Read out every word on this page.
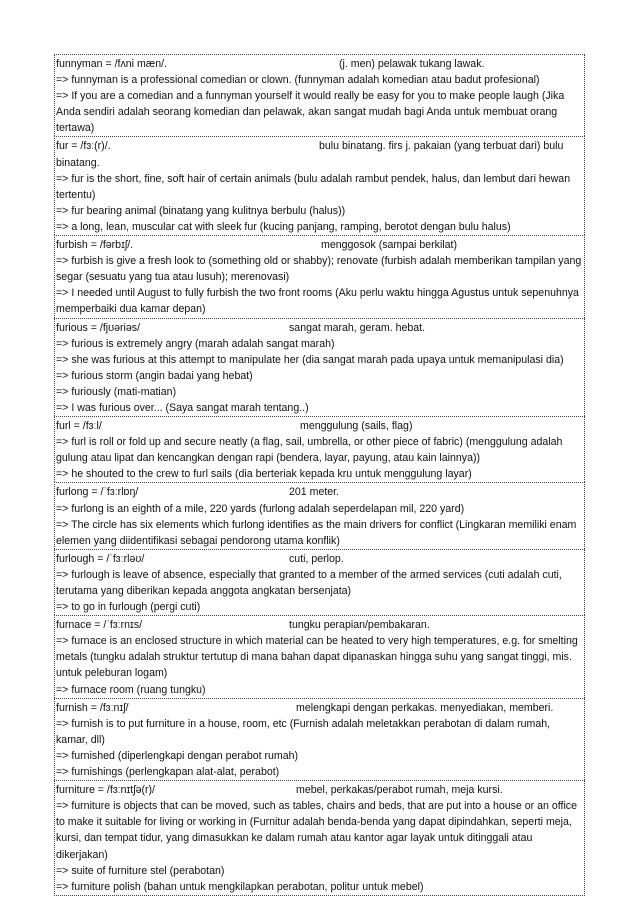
funnyman = /fʌni mæn/.	(j. men) pelawak tukang lawak.
=> funnyman is a professional comedian or clown. (funnyman adalah komedian atau badut profesional)
=> If you are a comedian and a funnyman yourself it would really be easy for you to make people laugh (Jika Anda sendiri adalah seorang komedian dan pelawak, akan sangat mudah bagi Anda untuk membuat orang tertawa)
fur = /fɜː(r)/.	bulu binatang. firs j. pakaian (yang terbuat dari) bulu binatang.
=> fur is the short, fine, soft hair of certain animals (bulu adalah rambut pendek, halus, dan lembut dari hewan tertentu)
=> fur bearing animal (binatang yang kulitnya berbulu (halus))
=> a long, lean, muscular cat with sleek fur (kucing panjang, ramping, berotot dengan bulu halus)
furbish = /fərbɪʃ/.	menggosok (sampai berkilat)
=> furbish is give a fresh look to (something old or shabby); renovate (furbish adalah memberikan tampilan yang segar (sesuatu yang tua atau lusuh); merenovasi)
=> I needed until August to fully furbish the two front rooms (Aku perlu waktu hingga Agustus untuk sepenuhnya memperbaiki dua kamar depan)
furious = /fjʊəriəs/	sangat marah, geram. hebat.
=> furious is extremely angry (marah adalah sangat marah)
=> she was furious at this attempt to manipulate her (dia sangat marah pada upaya untuk memanipulasi dia)
=> furious storm (angin badai yang hebat)
=> furiously (mati-matian)
=> I was furious over... (Saya sangat marah tentang..)
furl = /fɜːl/	menggulung (sails, flag)
=> furl is roll or fold up and secure neatly (a flag, sail, umbrella, or other piece of fabric) (menggulung adalah gulung atau lipat dan kencangkan dengan rapi (bendera, layar, payung, atau kain lainnya))
=> he shouted to the crew to furl sails (dia berteriak kepada kru untuk menggulung layar)
furlong = /ˈfɜːrlɒŋ/	201 meter.
=> furlong is an eighth of a mile, 220 yards (furlong adalah seperdelapan mil, 220 yard)
=> The circle has six elements which furlong identifies as the main drivers for conflict (Lingkaran memiliki enam elemen yang diidentifikasi sebagai pendorong utama konflik)
furlough = /ˈfɜːrləʊ/	cuti, perlop.
=> furlough is leave of absence, especially that granted to a member of the armed services (cuti adalah cuti, terutama yang diberikan kepada anggota angkatan bersenjata)
=> to go in furlough (pergi cuti)
furnace = /ˈfɜːrnɪs/	tungku perapian/pembakaran.
=> furnace is an enclosed structure in which material can be heated to very high temperatures, e.g. for smelting metals (tungku adalah struktur tertutup di mana bahan dapat dipanaskan hingga suhu yang sangat tinggi, mis. untuk peleburan logam)
=> furnace room (ruang tungku)
furnish = /fɜːnɪʃ/	melengkapi dengan perkakas. menyediakan, memberi.
=> furnish is to put furniture in a house, room, etc (Furnish adalah meletakkan perabotan di dalam rumah, kamar, dll)
=> furnished (diperlengkapi dengan perabot rumah)
=> furnishings (perlengkapan alat-alat, perabot)
furniture = /fɜːnɪtʃə(r)/	mebel, perkakas/perabot rumah, meja kursi.
=> furniture is objects that can be moved, such as tables, chairs and beds, that are put into a house or an office to make it suitable for living or working in (Furnitur adalah benda-benda yang dapat dipindahkan, seperti meja, kursi, dan tempat tidur, yang dimasukkan ke dalam rumah atau kantor agar layak untuk ditinggali atau dikerjakan)
=> suite of furniture stel (perabotan)
=> furniture polish (bahan untuk mengkilapkan perabotan, politur untuk mebel)
